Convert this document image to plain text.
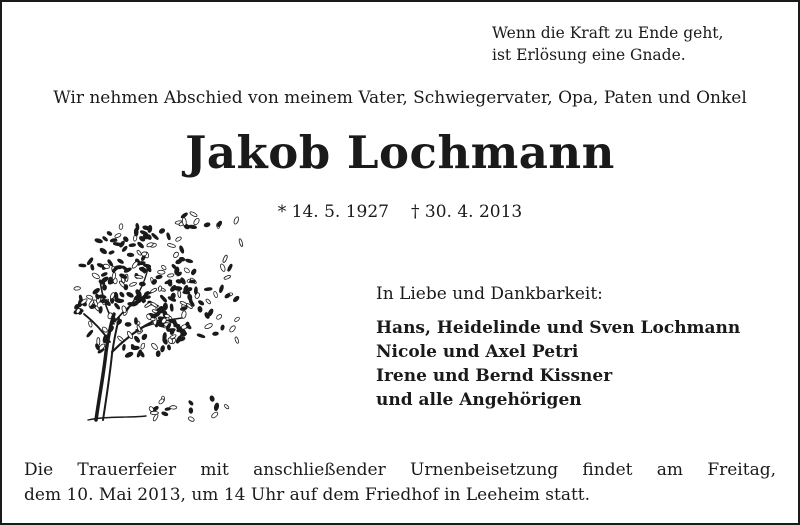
Wenn die Kraft zu Ende geht,
ist Erlösung eine Gnade.
Wir nehmen Abschied von meinem Vater, Schwiegervater, Opa, Paten und Onkel
Jakob Lochmann
* 14. 5. 1927 † 30. 4. 2013
In Liebe und Dankbarkeit:
Hans, Heidelinde und Sven Lochmann
Nicole und Axel Petri
Irene und Bernd Kissner
und alle Angehörigen
Die Trauerfeier mit anschließender Urnenbeisetzung findet am Freitag,
dem 10. Mai 2013, um 14 Uhr auf dem Friedhof in Leeheim statt.
